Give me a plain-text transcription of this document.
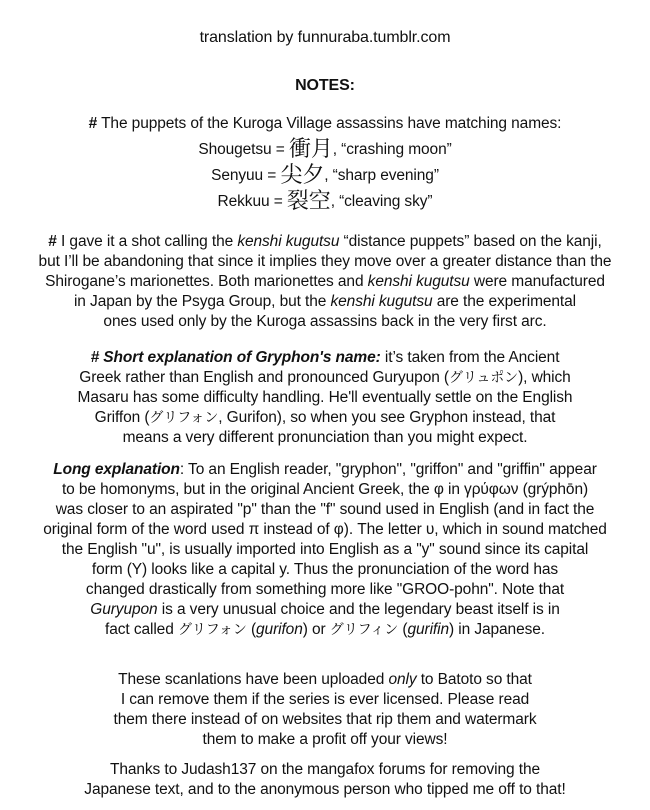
translation by funnuraba.tumblr.com
NOTES:
# The puppets of the Kuroga Village assassins have matching names:
Shougetsu = 衝月, “crashing moon”
Senyuu = 尖夕, “sharp evening”
Rekkuu = 裂空, “cleaving sky”
# I gave it a shot calling the kenshi kugutsu “distance puppets” based on the kanji,
but I’ll be abandoning that since it implies they move over a greater distance than the
Shirogane’s marionettes. Both marionettes and kenshi kugutsu were manufactured
in Japan by the Psyga Group, but the kenshi kugutsu are the experimental
ones used only by the Kuroga assassins back in the very first arc.
# Short explanation of Gryphon's name: it’s taken from the Ancient
Greek rather than English and pronounced Guryupon (グリュポン), which
Masaru has some difficulty handling. He'll eventually settle on the English
Griffon (グリフォン, Gurifon), so when you see Gryphon instead, that
means a very different pronunciation than you might expect.
Long explanation: To an English reader, "gryphon", "griffon" and "griffin" appear
to be homonyms, but in the original Ancient Greek, the φ in γρύφων (grýphōn)
was closer to an aspirated "p" than the "f" sound used in English (and in fact the
original form of the word used π instead of φ). The letter υ, which in sound matched
the English "u", is usually imported into English as a "y" sound since its capital
form (Y) looks like a capital y. Thus the pronunciation of the word has
changed drastically from something more like "GROO-pohn". Note that
Guryupon is a very unusual choice and the legendary beast itself is in
fact called グリフォン (gurifon) or グリフィン (gurifin) in Japanese.
These scanlations have been uploaded only to Batoto so that
I can remove them if the series is ever licensed. Please read
them there instead of on websites that rip them and watermark
them to make a profit off your views!
Thanks to Judash137 on the mangafox forums for removing the
Japanese text, and to the anonymous person who tipped me off to that!
